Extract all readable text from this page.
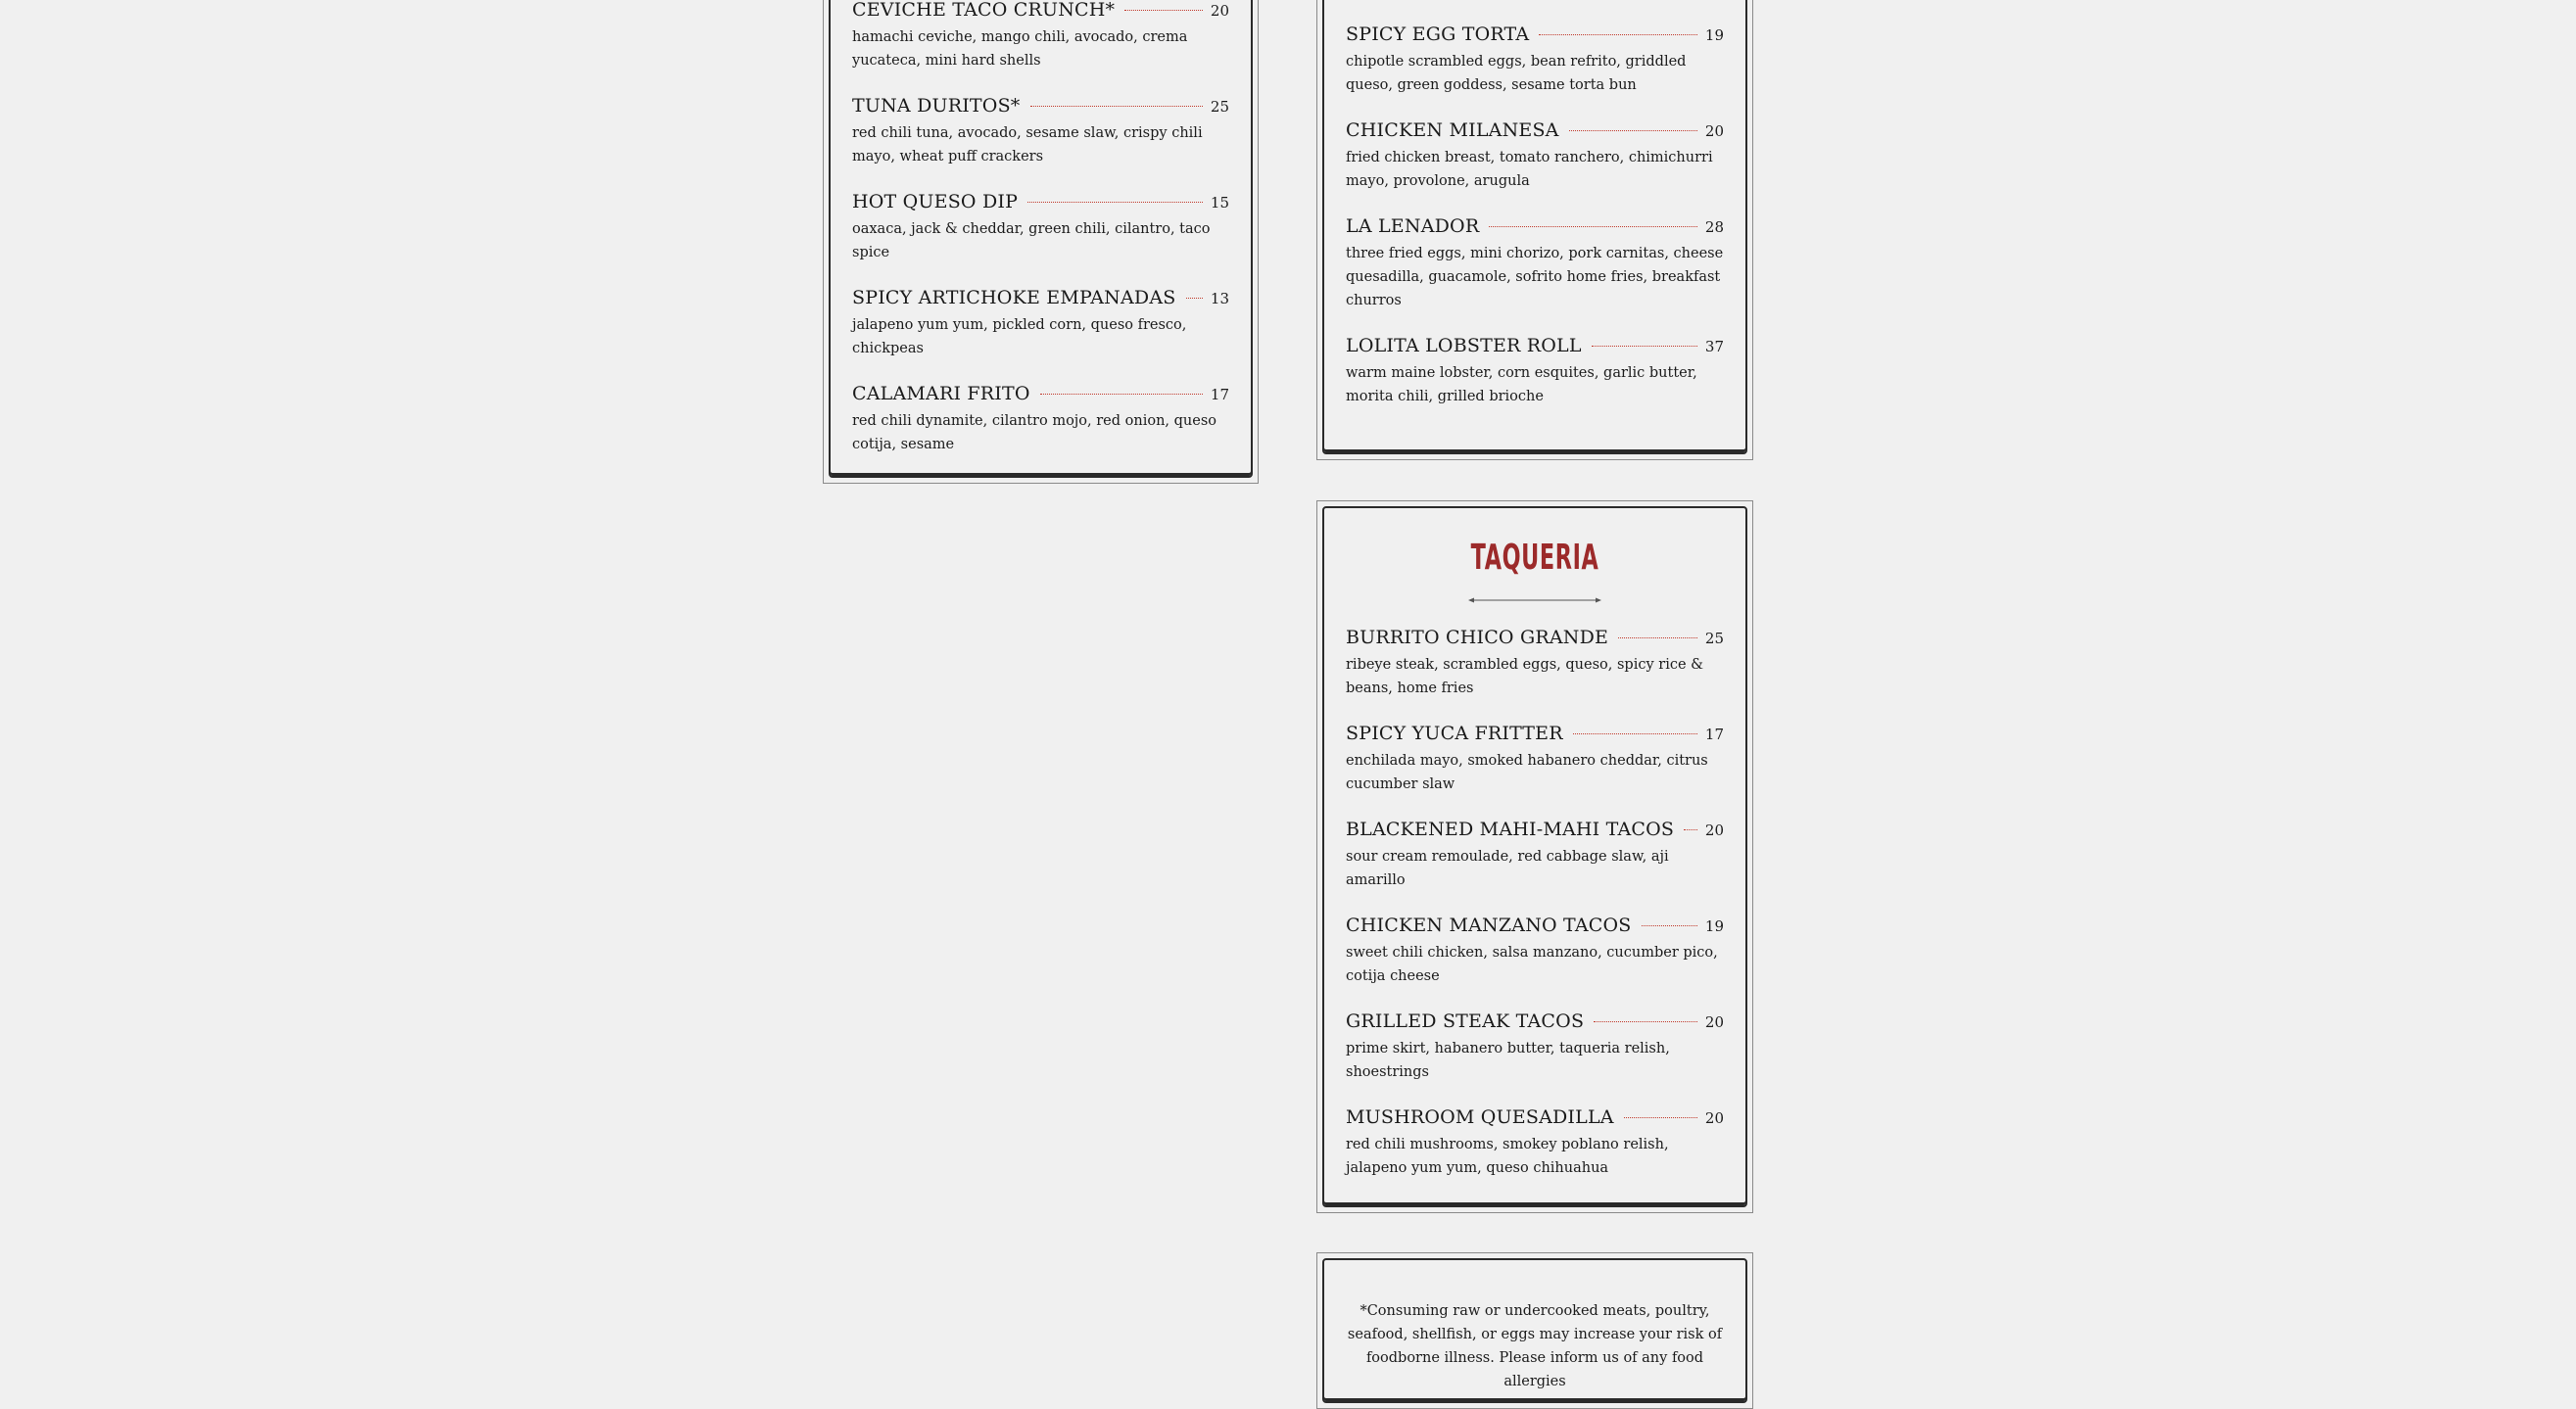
CEVICHE TACO CRUNCH*	20
hamachi ceviche, mango chili, avocado, crema yucateca, mini hard shells
TUNA DURITOS*	25
red chili tuna, avocado, sesame slaw, crispy chili mayo, wheat puff crackers
HOT QUESO DIP	15
oaxaca, jack & cheddar, green chili, cilantro, taco spice
SPICY ARTICHOKE EMPANADAS 13
jalapeno yum yum, pickled corn, queso fresco, chickpeas
CALAMARI FRITO	17
red chili dynamite, cilantro mojo, red onion, queso cotija, sesame
SPICY EGG TORTA	19
chipotle scrambled eggs, bean refrito, griddled queso, green goddess, sesame torta bun
CHICKEN MILANESA	20
fried chicken breast, tomato ranchero, chimichurri mayo, provolone, arugula
LA LENADOR	28
three fried eggs, mini chorizo, pork carnitas, cheese quesadilla, guacamole, sofrito home fries, breakfast churros
LOLITA LOBSTER ROLL	37
warm maine lobster, corn esquites, garlic butter, morita chili, grilled brioche
TAQUERIA
BURRITO CHICO GRANDE	25
ribeye steak, scrambled eggs, queso, spicy rice & beans, home fries
SPICY YUCA FRITTER	17
enchilada mayo, smoked habanero cheddar, citrus cucumber slaw
BLACKENED MAHI-MAHI TACOS 20
sour cream remoulade, red cabbage slaw, aji amarillo
CHICKEN MANZANO TACOS	19
sweet chili chicken, salsa manzano, cucumber pico, cotija cheese
GRILLED STEAK TACOS	20
prime skirt, habanero butter, taqueria relish, shoestrings
MUSHROOM QUESADILLA	20
red chili mushrooms, smokey poblano relish, jalapeno yum yum, queso chihuahua
*Consuming raw or undercooked meats, poultry, seafood, shellfish, or eggs may increase your risk of foodborne illness. Please inform us of any food allergies
